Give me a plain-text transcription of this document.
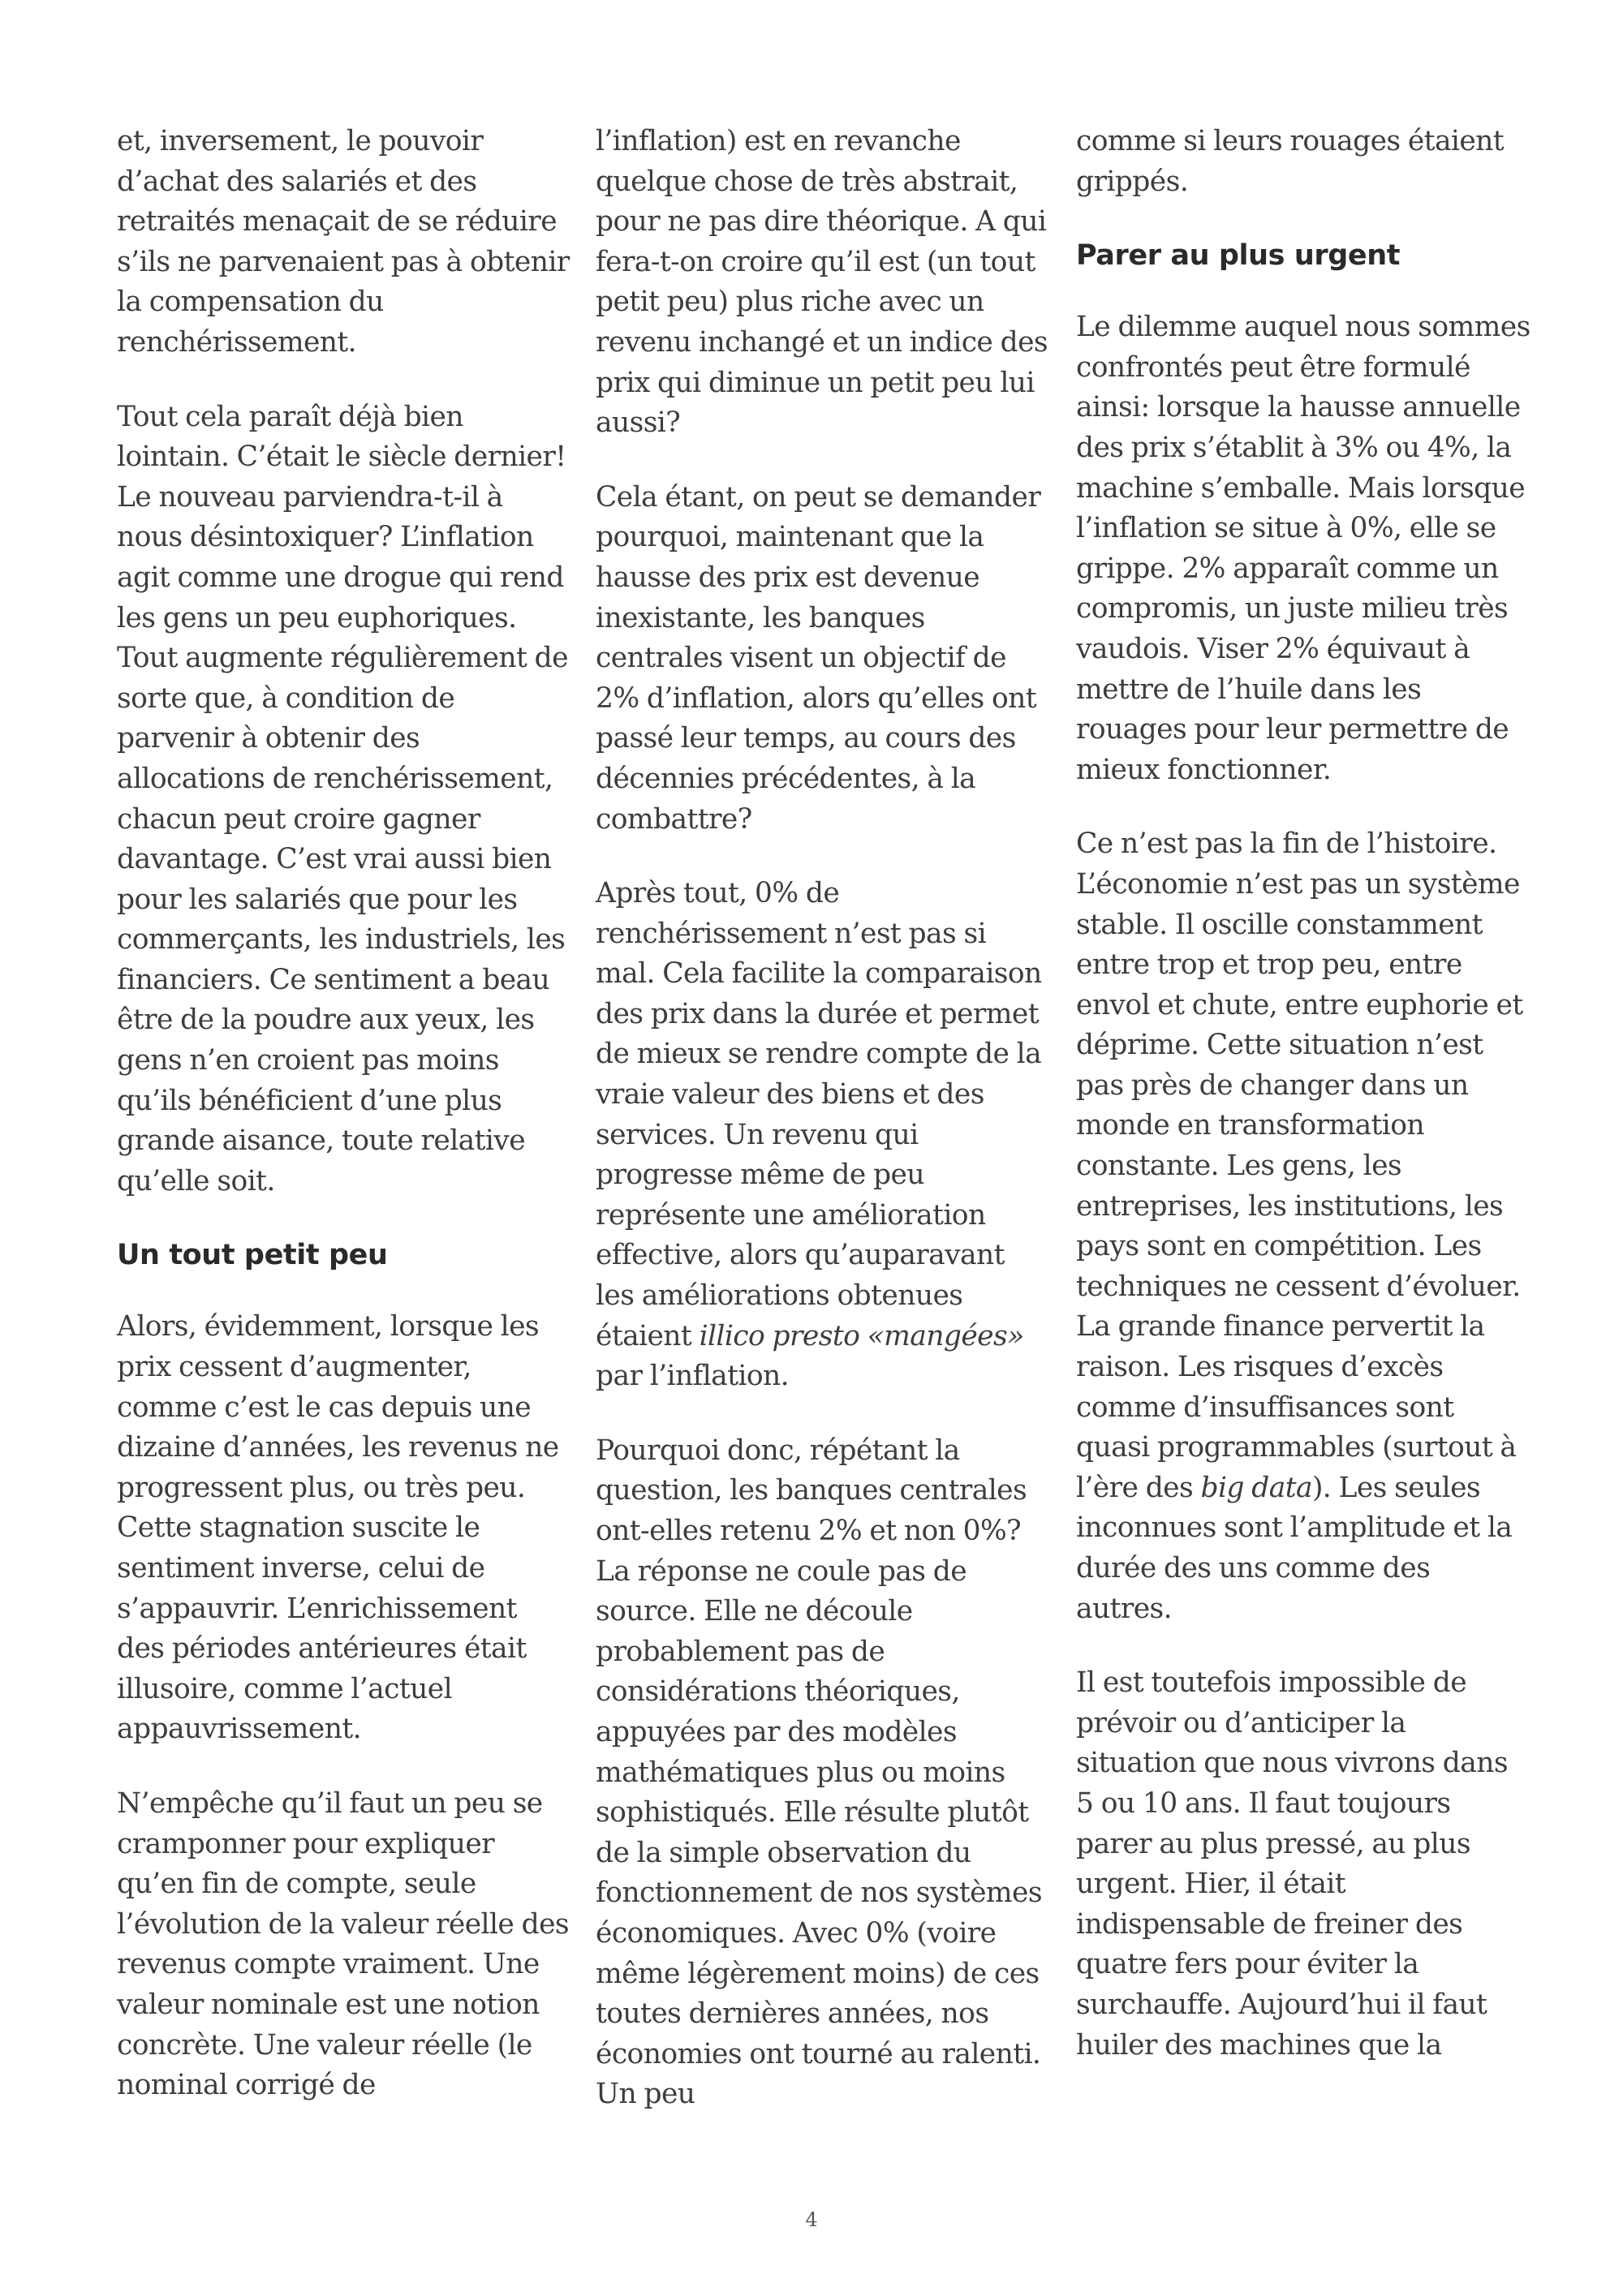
et, inversement, le pouvoir d’achat des salariés et des retraités menaçait de se réduire s’ils ne parvenaient pas à obtenir la compensation du renchérissement.

Tout cela paraît déjà bien lointain. C’était le siècle dernier! Le nouveau parviendra-t-il à nous désintoxiquer? L’inflation agit comme une drogue qui rend les gens un peu euphoriques. Tout augmente régulièrement de sorte que, à condition de parvenir à obtenir des allocations de renchérissement, chacun peut croire gagner davantage. C’est vrai aussi bien pour les salariés que pour les commerçants, les industriels, les financiers. Ce sentiment a beau être de la poudre aux yeux, les gens n’en croient pas moins qu’ils bénéficient d’une plus grande aisance, toute relative qu’elle soit.

Un tout petit peu

Alors, évidemment, lorsque les prix cessent d’augmenter, comme c’est le cas depuis une dizaine d’années, les revenus ne progressent plus, ou très peu. Cette stagnation suscite le sentiment inverse, celui de s’appauvrir. L’enrichissement des périodes antérieures était illusoire, comme l’actuel appauvrissement.

N’empêche qu’il faut un peu se cramponner pour expliquer qu’en fin de compte, seule l’évolution de la valeur réelle des revenus compte vraiment. Une valeur nominale est une notion concrète. Une valeur réelle (le nominal corrigé de

l’inflation) est en revanche quelque chose de très abstrait, pour ne pas dire théorique. A qui fera-t-on croire qu’il est (un tout petit peu) plus riche avec un revenu inchangé et un indice des prix qui diminue un petit peu lui aussi?

Cela étant, on peut se demander pourquoi, maintenant que la hausse des prix est devenue inexistante, les banques centrales visent un objectif de 2% d’inflation, alors qu’elles ont passé leur temps, au cours des décennies précédentes, à la combattre?

Après tout, 0% de renchérissement n’est pas si mal. Cela facilite la comparaison des prix dans la durée et permet de mieux se rendre compte de la vraie valeur des biens et des services. Un revenu qui progresse même de peu représente une amélioration effective, alors qu’auparavant les améliorations obtenues étaient illico presto «mangées» par l’inflation.

Pourquoi donc, répétant la question, les banques centrales ont-elles retenu 2% et non 0%? La réponse ne coule pas de source. Elle ne découle probablement pas de considérations théoriques, appuyées par des modèles mathématiques plus ou moins sophistiqués. Elle résulte plutôt de la simple observation du fonctionnement de nos systèmes économiques. Avec 0% (voire même légèrement moins) de ces toutes dernières années, nos économies ont tourné au ralenti. Un peu

comme si leurs rouages étaient grippés.

Parer au plus urgent

Le dilemme auquel nous sommes confrontés peut être formulé ainsi: lorsque la hausse annuelle des prix s’établit à 3% ou 4%, la machine s’emballe. Mais lorsque l’inflation se situe à 0%, elle se grippe. 2% apparaît comme un compromis, un juste milieu très vaudois. Viser 2% équivaut à mettre de l’huile dans les rouages pour leur permettre de mieux fonctionner.

Ce n’est pas la fin de l’histoire. L’économie n’est pas un système stable. Il oscille constamment entre trop et trop peu, entre envol et chute, entre euphorie et déprime. Cette situation n’est pas près de changer dans un monde en transformation constante. Les gens, les entreprises, les institutions, les pays sont en compétition. Les techniques ne cessent d’évoluer. La grande finance pervertit la raison. Les risques d’excès comme d’insuffisances sont quasi programmables (surtout à l’ère des big data). Les seules inconnues sont l’amplitude et la durée des uns comme des autres.

Il est toutefois impossible de prévoir ou d’anticiper la situation que nous vivrons dans 5 ou 10 ans. Il faut toujours parer au plus pressé, au plus urgent. Hier, il était indispensable de freiner des quatre fers pour éviter la surchauffe. Aujourd’hui il faut huiler des machines que la

4
